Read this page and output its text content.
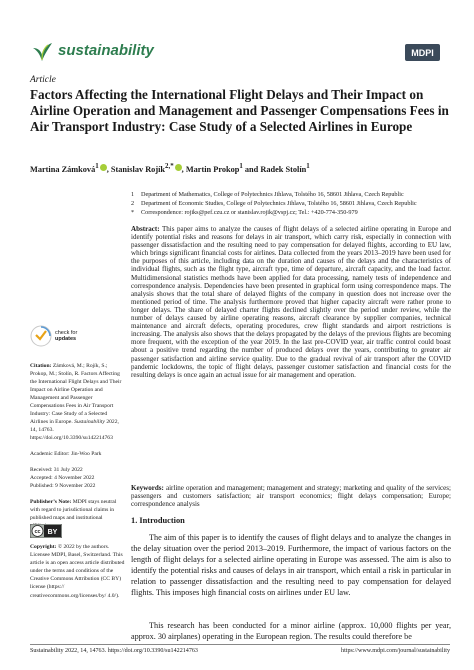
sustainability	MDPI
Article
Factors Affecting the International Flight Delays and Their Impact on Airline Operation and Management and Passenger Compensations Fees in Air Transport Industry: Case Study of a Selected Airlines in Europe
Martina Zámková$^1$ , Stanislav Rojík$^{2,*}$ , Martin Prokop$^1$ and Radek Stolín$^1$
1	Department of Mathematics, College of Polytechnics Jihlava, Tolstého 16, 58601 Jihlava, Czech Republic
2	Department of Economic Studies, College of Polytechnics Jihlava, Tolstého 16, 58601 Jihlava, Czech Republic
*	Correspondence: rojiks@pef.czu.cz or stanislav.rojik@vspj.cz; Tel.: +420-774-350-979

Abstract: This paper aims to analyze the causes of flight delays of a selected airline operating in Europe and identify potential risks and reasons for delays in air transport, which carry risk, especially in connection with passenger dissatisfaction and the resulting need to pay compensation for delayed flights, according to EU law, which brings significant financial costs for airlines. Data collected from the years 2013–2019 have been used for the purposes of this article, including data on the duration and causes of the delays and the characteristics of individual flights, such as the flight type, aircraft type, time of departure, aircraft capacity, and the load factor. Multidimensional statistics methods have been applied for data processing, namely tests of independence and correspondence analysis. Dependencies have been presented in graphical form using correspondence maps. The analysis shows that the total share of delayed flights of the company in question does not increase over the mentioned period of time. The analysis furthermore proved that higher capacity aircraft were rather prone to longer delays. The share of delayed charter flights declined slightly over the period under review, while the number of delays caused by airline operating reasons, aircraft clearance by supplier companies, technical maintenance and aircraft defects, operating procedures, crew flight standards and airport restrictions is increasing. The analysis also shows that the delays propagated by the delays of the previous flights are becoming more frequent, with the exception of the year 2019. In the last pre-COVID year, air traffic control could boast about a positive trend regarding the number of produced delays over the years, contributing to greater air passenger satisfaction and airline service quality. Due to the gradual revival of air transport after the COVID pandemic lockdowns, the topic of flight delays, passenger customer satisfaction and financial costs for the resulting delays is once again an actual issue for air management and operation.

Keywords: airline operation and management; management and strategy; marketing and quality of the services; passengers and customers satisfaction; air transport economics; flight delays compensation; Europe; correspondence analysis

check for
updates

Citation: Zámková, M.; Rojík, S.; Prokop, M.; Stolín, R. Factors Affecting the International Flight Delays and Their Impact on Airline Operation and Management and Passenger Compensations Fees in Air Transport Industry: Case Study of a Selected Airlines in Europe. Sustainability 2022, 14, 14763. https://doi.org/10.3390/su142214763

Academic Editor: Jin-Woo Park

Received: 31 July 2022
Accepted: 4 November 2022
Published: 9 November 2022

Publisher’s Note: MDPI stays neutral with regard to jurisdictional claims in published maps and institutional

cc BY
Copyright: © 2022 by the authors. Licensee MDPI, Basel, Switzerland. This article is an open access article distributed under the terms and conditions of the Creative Commons Attribution (CC BY) license (https:// creativecommons.org/licenses/by/ 4.0/).
1. Introduction

The aim of this paper is to identify the causes of flight delays and to analyze the changes in the delay situation over the period 2013–2019. Furthermore, the impact of various factors on the length of flight delays for a selected airline operating in Europe was assessed. The aim is also to identify the potential risks and causes of delays in air transport, which entail a risk in particular in relation to passenger dissatisfaction and the resulting need to pay compensation for delayed flights. This imposes high financial costs on airlines under EU law.

This research has been conducted for a minor airline (approx. 10,000 flights per year, approx. 30 airplanes) operating in the European region. The results could therefore be

Sustainability 2022, 14, 14763. https://doi.org/10.3390/su142214763	https://www.mdpi.com/journal/sustainability
